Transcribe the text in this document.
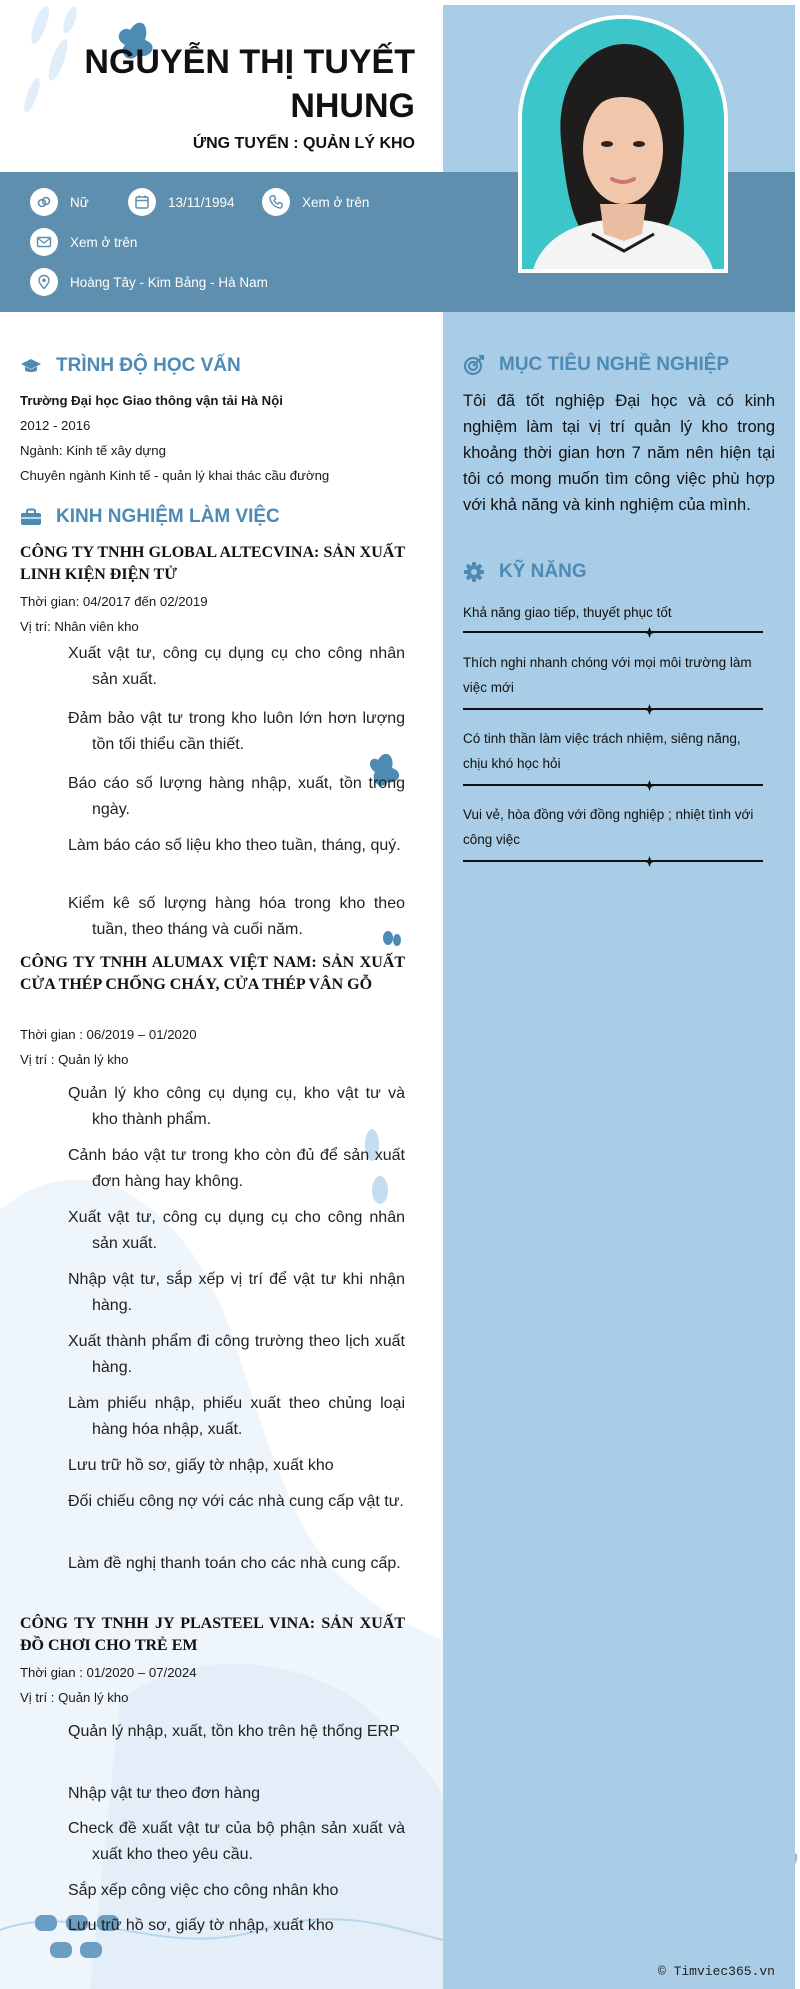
NGUYỄN THỊ TUYẾT NHUNG
ỨNG TUYỂN : QUẢN LÝ KHO
Nữ	13/11/1994	Xem ở trên
Xem ở trên
Hoàng Tây - Kim Bảng - Hà Nam
TRÌNH ĐỘ HỌC VẤN
Trường Đại học Giao thông vận tải Hà Nội
2012 - 2016
Ngành: Kinh tế xây dựng
Chuyên ngành Kinh tế - quản lý khai thác cầu đường
KINH NGHIỆM LÀM VIỆC
CÔNG TY TNHH GLOBAL ALTECVINA: SẢN XUẤT LINH KIỆN ĐIỆN TỬ
Thời gian: 04/2017 đến 02/2019
Vị trí: Nhân viên kho
Xuất vật tư, công cụ dụng cụ cho công nhân sản xuất.
Đảm bảo vật tư trong kho luôn lớn hơn lượng tồn tối thiểu cần thiết.
Báo cáo số lượng hàng nhập, xuất, tồn trong ngày.
Làm báo cáo số liệu kho theo tuần, tháng, quý.
Kiểm kê số lượng hàng hóa trong kho theo tuần, theo tháng và cuối năm.
CÔNG TY TNHH ALUMAX VIỆT NAM: SẢN XUẤT CỬA THÉP CHỐNG CHÁY, CỬA THÉP VÂN GỖ
Thời gian : 06/2019 – 01/2020
Vị trí : Quản lý kho
Quản lý kho công cụ dụng cụ, kho vật tư và kho thành phẩm.
Cảnh báo vật tư trong kho còn đủ để sản xuất đơn hàng hay không.
Xuất vật tư, công cụ dụng cụ cho công nhân sản xuất.
Nhập vật tư, sắp xếp vị trí để vật tư khi nhận hàng.
Xuất thành phẩm đi công trường theo lịch xuất hàng.
Làm phiếu nhập, phiếu xuất theo chủng loại hàng hóa nhập, xuất.
Lưu trữ hồ sơ, giấy tờ nhập, xuất kho
Đối chiếu công nợ với các nhà cung cấp vật tư.
Làm đề nghị thanh toán cho các nhà cung cấp.
CÔNG TY TNHH JY PLASTEEL VINA: SẢN XUẤT ĐỒ CHƠI CHO TRẺ EM
Thời gian : 01/2020 – 07/2024
Vị trí : Quản lý kho
Quản lý nhập, xuất, tồn kho trên hệ thống ERP
Nhập vật tư theo đơn hàng
Check đề xuất vật tư của bộ phận sản xuất và xuất kho theo yêu cầu.
Sắp xếp công việc cho công nhân kho
Lưu trữ hồ sơ, giấy tờ nhập, xuất kho
MỤC TIÊU NGHỀ NGHIỆP
Tôi đã tốt nghiệp Đại học và có kinh nghiệm làm tại vị trí quản lý kho trong khoảng thời gian hơn 7 năm nên hiện tại tôi có mong muốn tìm công việc phù hợp với khả năng và kinh nghiệm của mình.
KỸ NĂNG
Khả năng giao tiếp, thuyết phục tốt
Thích nghi nhanh chóng với mọi môi trường làm việc mới
Có tinh thần làm việc trách nhiệm, siêng năng, chịu khó học hỏi
Vui vẻ, hòa đồng với đồng nghiệp ; nhiệt tình với công việc
© Timviec365.vn
